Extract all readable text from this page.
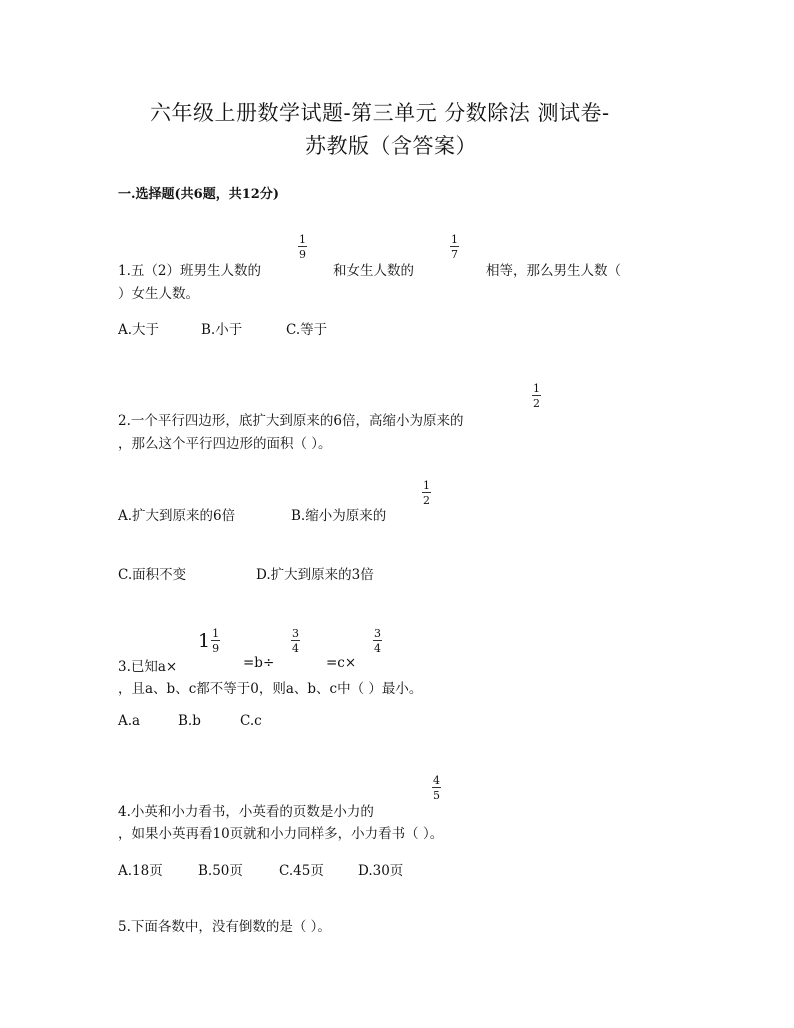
六年级上册数学试题-第三单元 分数除法 测试卷-
苏教版（含答案）
一.选择题(共6题，共12分)
1.五（2）班男生人数的
1
9
和女生人数的
1
7
相等，那么男生人数（
）女生人数。
A.大于	B.小于	C.等于
2.一个平行四边形，底扩大到原来的6倍，高缩小为原来的
1
2
，那么这个平行四边形的面积（ ）。
A.扩大到原来的6倍	B.缩小为原来的
1
2
C.面积不变	D.扩大到原来的3倍
3.已知a×
$1 \frac{1}{9}$
=b÷
3
4
=c×
3
4
，且a、b、c都不等于0，则a、b、c中（ ）最小。
A.a	B.b	C.c
4.小英和小力看书，小英看的页数是小力的
4
5
，如果小英再看10页就和小力同样多，小力看书（ ）。
A.18页	B.50页	C.45页	D.30页
5.下面各数中，没有倒数的是（ ）。
